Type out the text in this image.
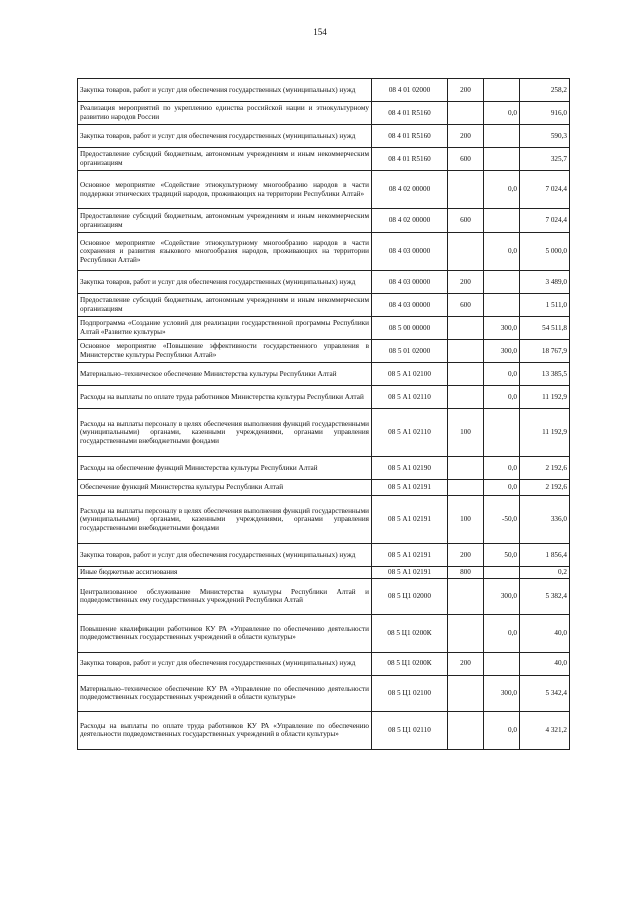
154
Закупка товаров, работ и услуг для обеспечения государственных (муниципальных) нужд	08 4 01 02000	200		258,2
Реализация мероприятий по укреплению единства российской нации и этнокультурному развитию народов России	08 4 01 R5160		0,0	916,0
Закупка товаров, работ и услуг для обеспечения государственных (муниципальных) нужд	08 4 01 R5160	200		590,3
Предоставление субсидий бюджетным, автономным учреждениям и иным некоммерческим организациям	08 4 01 R5160	600		325,7
Основное мероприятие «Содействие этнокультурному многообразию народов в части поддержки этнических традиций народов, проживающих на территории Республики Алтай»	08 4 02 00000		0,0	7 024,4
Предоставление субсидий бюджетным, автономным учреждениям и иным некоммерческим организациям	08 4 02 00000	600		7 024,4
Основное мероприятие «Содействие этнокультурному многообразию народов в части сохранения и развития языкового многообразия народов, проживающих на территории Республики Алтай»	08 4 03 00000		0,0	5 000,0
Закупка товаров, работ и услуг для обеспечения государственных (муниципальных) нужд	08 4 03 00000	200		3 489,0
Предоставление субсидий бюджетным, автономным учреждениям и иным некоммерческим организациям	08 4 03 00000	600		1 511,0
Подпрограмма «Создание условий для реализации государственной программы Республики Алтай «Развитие культуры»	08 5 00 00000		300,0	54 511,8
Основное мероприятие «Повышение эффективности государственного управления в Министерстве культуры Республики Алтай»	08 5 01 02000		300,0	18 767,9
Материально–техническое обеспечение Министерства культуры Республики Алтай	08 5 А1 02100		0,0	13 385,5
Расходы на выплаты по оплате труда работников Министерства культуры Республики Алтай	08 5 А1 02110		0,0	11 192,9
Расходы на выплаты персоналу в целях обеспечения выполнения функций государственными (муниципальными) органами, казенными учреждениями, органами управления государственными внебюджетными фондами	08 5 А1 02110	100		11 192,9
Расходы на обеспечение функций Министерства культуры Республики Алтай	08 5 А1 02190		0,0	2 192,6
Обеспечение функций Министерства культуры Республики Алтай	08 5 А1 02191		0,0	2 192,6
Расходы на выплаты персоналу в целях обеспечения выполнения функций государственными (муниципальными) органами, казенными учреждениями, органами управления государственными внебюджетными фондами	08 5 А1 02191	100	-50,0	336,0
Закупка товаров, работ и услуг для обеспечения государственных (муниципальных) нужд	08 5 А1 02191	200	50,0	1 856,4
Иные бюджетные ассигнования	08 5 А1 02191	800		0,2
Централизованное обслуживание Министерства культуры Республики Алтай и подведомственных ему государственных учреждений Республики Алтай	08 5 Ц1 02000		300,0	5 382,4
Повышение квалификации работников КУ РА «Управление по обеспечению деятельности подведомственных государственных учреждений в области культуры»	08 5 Ц1 0200К		0,0	40,0
Закупка товаров, работ и услуг для обеспечения государственных (муниципальных) нужд	08 5 Ц1 0200К	200		40,0
Материально–техническое обеспечение КУ РА «Управление по обеспечению деятельности подведомственных государственных учреждений в области культуры»	08 5 Ц1 02100		300,0	5 342,4
Расходы на выплаты по оплате труда работников КУ РА «Управление по обеспечению деятельности подведомственных государственных учреждений в области культуры»	08 5 Ц1 02110		0,0	4 321,2
